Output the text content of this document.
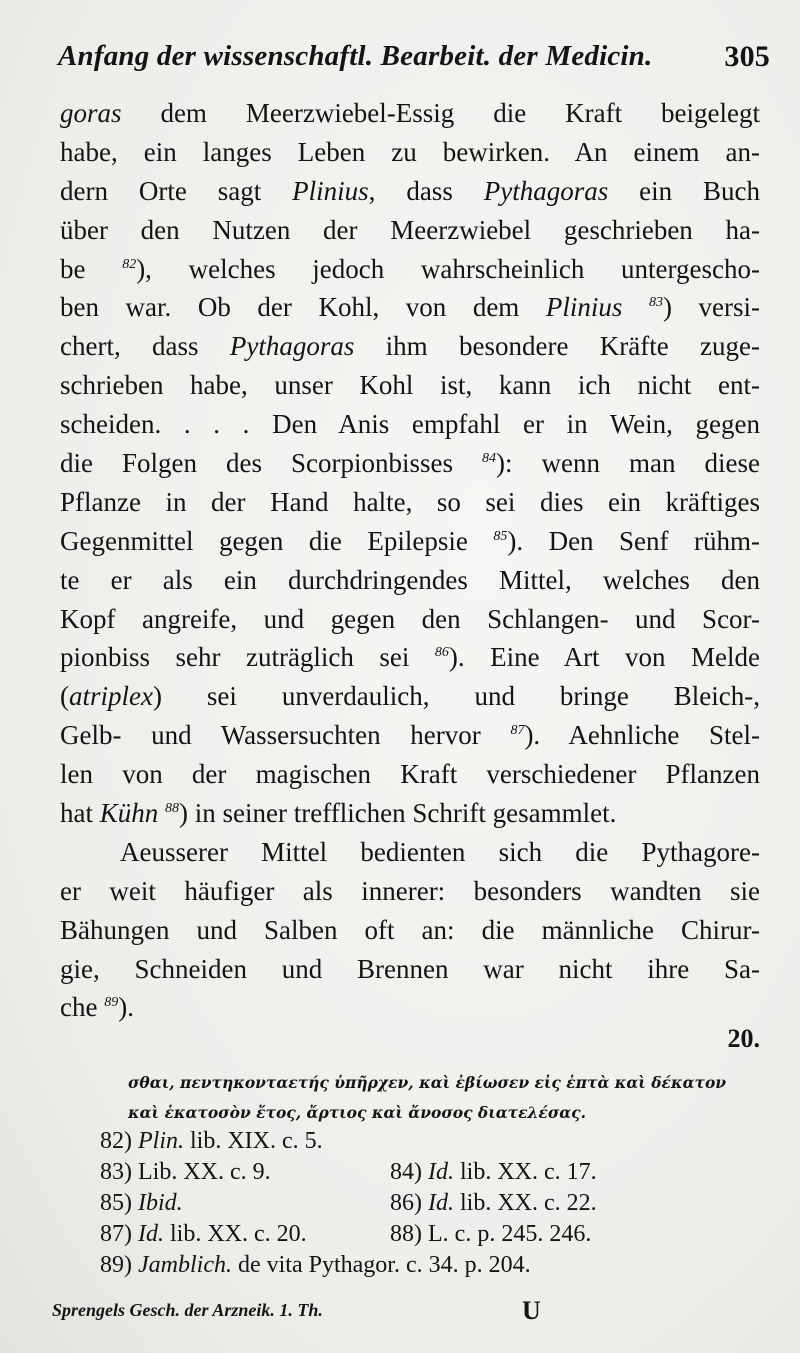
Anfang der wissenschaftl. Bearbeit. der Medicin. 305
goras dem Meerzwiebel-Essig die Kraft beigelegt
habe, ein langes Leben zu bewirken. An einem an-
dern Orte sagt Plinius, dass Pythagoras ein Buch
über den Nutzen der Meerzwiebel geschrieben ha-
be $^{82}$), welches jedoch wahrscheinlich untergescho-
ben war. Ob der Kohl, von dem Plinius $^{83}$) versi-
chert, dass Pythagoras ihm besondere Kräfte zuge-
schrieben habe, unser Kohl ist, kann ich nicht ent-
scheiden. . . . Den Anis empfahl er in Wein, gegen
die Folgen des Scorpionbisses $^{84}$): wenn man diese
Pflanze in der Hand halte, so sei dies ein kräftiges
Gegenmittel gegen die Epilepsie $^{85}$). Den Senf rühm-
te er als ein durchdringendes Mittel, welches den
Kopf angreife, und gegen den Schlangen- und Scor-
pionbiss sehr zuträglich sei $^{86}$). Eine Art von Melde
(atriplex) sei unverdaulich, und bringe Bleich-,
Gelb- und Wassersuchten hervor $^{87}$). Aehnliche Stel-
len von der magischen Kraft verschiedener Pflanzen
hat Kühn $^{88}$) in seiner trefflichen Schrift gesammlet.
Aeusserer Mittel bedienten sich die Pythagore-
er weit häufiger als innerer: besonders wandten sie
Bähungen und Salben oft an: die männliche Chirur-
gie, Schneiden und Brennen war nicht ihre Sa-
che $^{89}$).
20.
σθαι, πεντηκονταετής ὑπῆρχεν, καὶ ἐβίωσεν εἰς ἑπτὰ καὶ δέκατον
καὶ ἑκατοσὸν ἔτος, ἄρτιος καὶ ἄνοσος διατελέσας.
82) Plin. lib. XIX. c. 5.
83) Lib. XX. c. 9.	84) Id. lib. XX. c. 17.
85) Ibid.	86) Id. lib. XX. c. 22.
87) Id. lib. XX. c. 20.	88) L. c. p. 245. 246.
89) Jamblich. de vita Pythagor. c. 34. p. 204.
Sprengels Gesch. der Arzneik. 1. Th.	U
